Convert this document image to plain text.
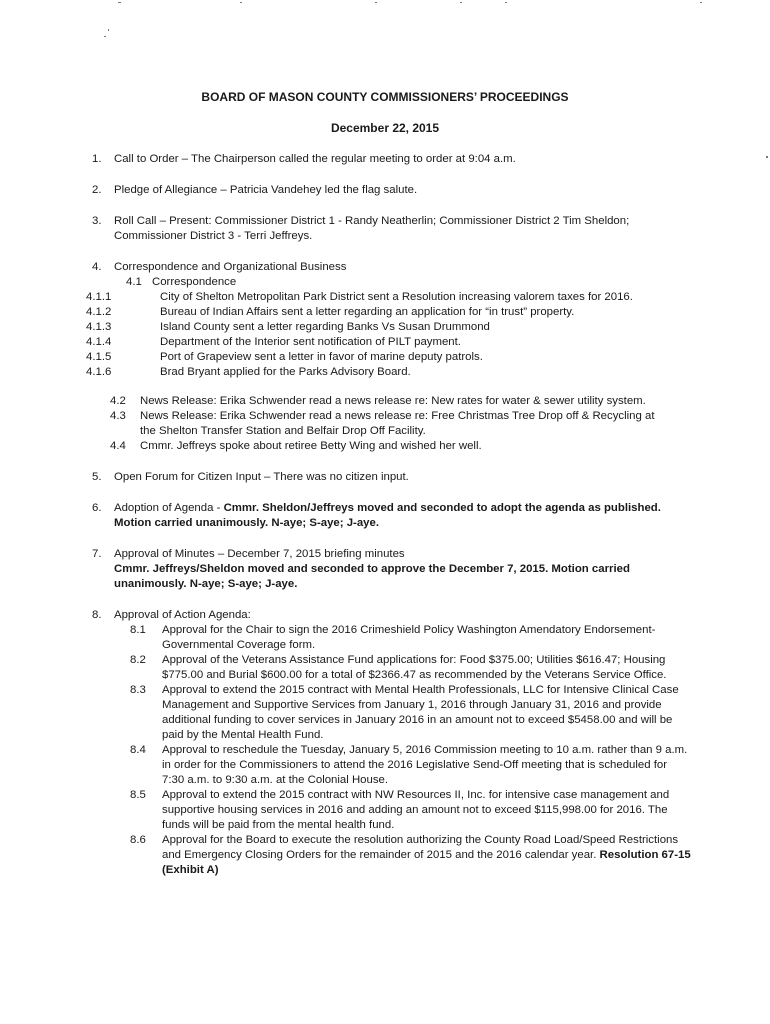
BOARD OF MASON COUNTY COMMISSIONERS’ PROCEEDINGS
December 22, 2015
1. Call to Order – The Chairperson called the regular meeting to order at 9:04 a.m.

2. Pledge of Allegiance – Patricia Vandehey led the flag salute.

3. Roll Call – Present: Commissioner District 1 - Randy Neatherlin; Commissioner District 2 Tim Sheldon; Commissioner District 3 - Terri Jeffreys.

4. Correspondence and Organizational Business

4.1 Correspondence

4.1.1	City of Shelton Metropolitan Park District sent a Resolution increasing valorem taxes for 2016.

4.1.2	Bureau of Indian Affairs sent a letter regarding an application for “in trust” property.

4.1.3	Island County sent a letter regarding Banks Vs Susan Drummond

4.1.4	Department of the Interior sent notification of PILT payment.

4.1.5	Port of Grapeview sent a letter in favor of marine deputy patrols.

4.1.6	Brad Bryant applied for the Parks Advisory Board.

4.2 News Release: Erika Schwender read a news release re: New rates for water & sewer utility system.

4.3 News Release: Erika Schwender read a news release re: Free Christmas Tree Drop off & Recycling at the Shelton Transfer Station and Belfair Drop Off Facility.

4.4 Cmmr. Jeffreys spoke about retiree Betty Wing and wished her well.

5. Open Forum for Citizen Input – There was no citizen input.

6. Adoption of Agenda - Cmmr. Sheldon/Jeffreys moved and seconded to adopt the agenda as published. Motion carried unanimously. N-aye; S-aye; J-aye.

7. Approval of Minutes – December 7, 2015 briefing minutes

Cmmr. Jeffreys/Sheldon moved and seconded to approve the December 7, 2015. Motion carried unanimously. N-aye; S-aye; J-aye.

8. Approval of Action Agenda:

8.1 Approval for the Chair to sign the 2016 Crimeshield Policy Washington Amendatory Endorsement-Governmental Coverage form.

8.2 Approval of the Veterans Assistance Fund applications for: Food $375.00; Utilities $616.47; Housing $775.00 and Burial $600.00 for a total of $2366.47 as recommended by the Veterans Service Office.

8.3 Approval to extend the 2015 contract with Mental Health Professionals, LLC for Intensive Clinical Case Management and Supportive Services from January 1, 2016 through January 31, 2016 and provide additional funding to cover services in January 2016 in an amount not to exceed $5458.00 and will be paid by the Mental Health Fund.

8.4 Approval to reschedule the Tuesday, January 5, 2016 Commission meeting to 10 a.m. rather than 9 a.m. in order for the Commissioners to attend the 2016 Legislative Send-Off meeting that is scheduled for 7:30 a.m. to 9:30 a.m. at the Colonial House.

8.5 Approval to extend the 2015 contract with NW Resources II, Inc. for intensive case management and supportive housing services in 2016 and adding an amount not to exceed $115,998.00 for 2016. The funds will be paid from the mental health fund.

8.6 Approval for the Board to execute the resolution authorizing the County Road Load/Speed Restrictions and Emergency Closing Orders for the remainder of 2015 and the 2016 calendar year. Resolution 67-15 (Exhibit A)
